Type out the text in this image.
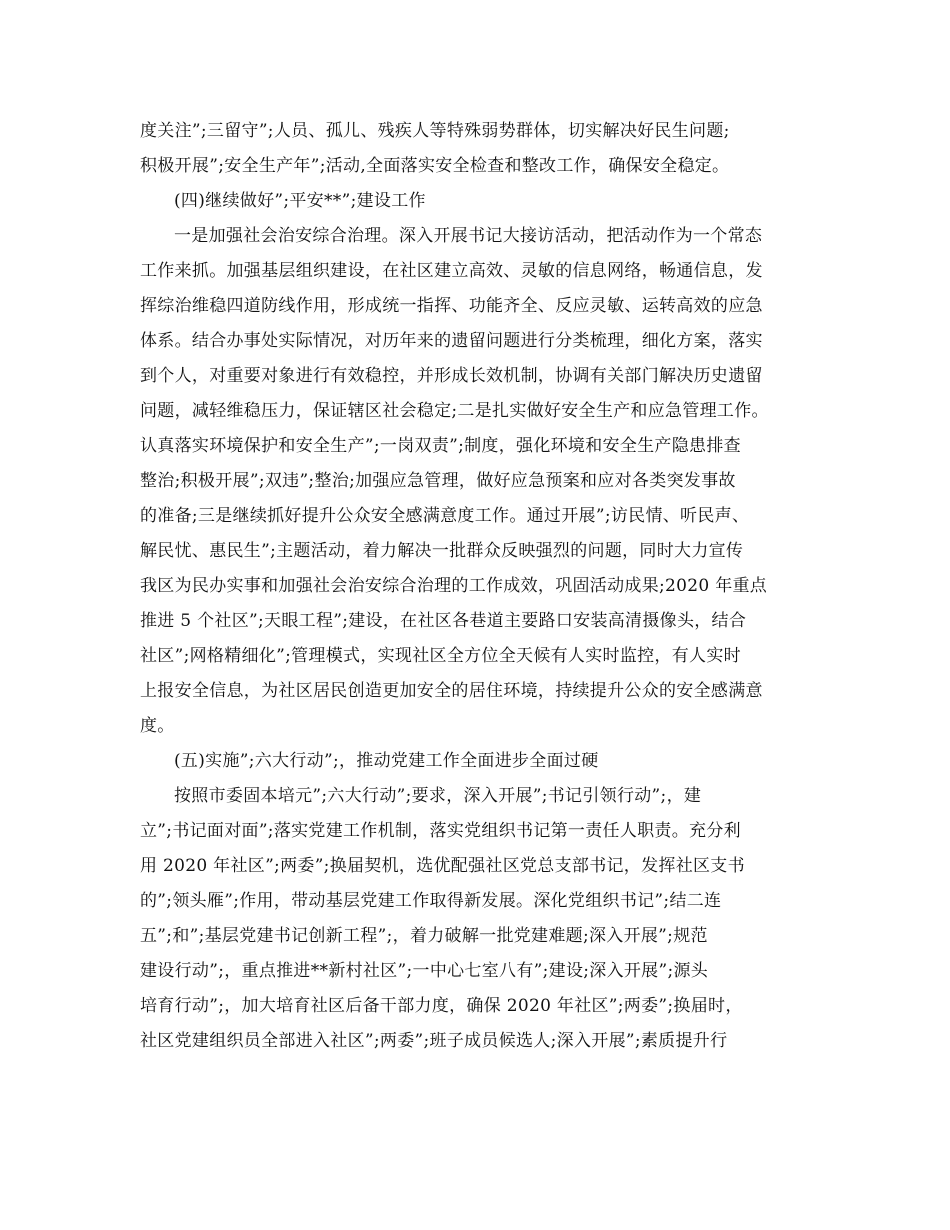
度关注”;三留守”;人员、孤儿、残疾人等特殊弱势群体，切实解决好民生问题;
积极开展”;安全生产年”;活动,全面落实安全检查和整改工作，确保安全稳定。
(四)继续做好”;平安**”;建设工作
一是加强社会治安综合治理。深入开展书记大接访活动，把活动作为一个常态
工作来抓。加强基层组织建设，在社区建立高效、灵敏的信息网络，畅通信息，发
挥综治维稳四道防线作用，形成统一指挥、功能齐全、反应灵敏、运转高效的应急
体系。结合办事处实际情况，对历年来的遗留问题进行分类梳理，细化方案，落实
到个人，对重要对象进行有效稳控，并形成长效机制，协调有关部门解决历史遗留
问题，减轻维稳压力，保证辖区社会稳定;二是扎实做好安全生产和应急管理工作。
认真落实环境保护和安全生产”;一岗双责”;制度，强化环境和安全生产隐患排查
整治;积极开展”;双违”;整治;加强应急管理，做好应急预案和应对各类突发事故
的准备;三是继续抓好提升公众安全感满意度工作。通过开展”;访民情、听民声、
解民忧、惠民生”;主题活动，着力解决一批群众反映强烈的问题，同时大力宣传
我区为民办实事和加强社会治安综合治理的工作成效，巩固活动成果;2020 年重点
推进 5 个社区”;天眼工程”;建设，在社区各巷道主要路口安装高清摄像头，结合
社区”;网格精细化”;管理模式，实现社区全方位全天候有人实时监控，有人实时
上报安全信息，为社区居民创造更加安全的居住环境，持续提升公众的安全感满意
度。
(五)实施”;六大行动”;，推动党建工作全面进步全面过硬
按照市委固本培元”;六大行动”;要求，深入开展”;书记引领行动”;，建
立”;书记面对面”;落实党建工作机制，落实党组织书记第一责任人职责。充分利
用 2020 年社区”;两委”;换届契机，选优配强社区党总支部书记，发挥社区支书
的”;领头雁”;作用，带动基层党建工作取得新发展。深化党组织书记”;结二连
五”;和”;基层党建书记创新工程”;，着力破解一批党建难题;深入开展”;规范
建设行动”;，重点推进**新村社区”;一中心七室八有”;建设;深入开展”;源头
培育行动”;，加大培育社区后备干部力度，确保 2020 年社区”;两委”;换届时，
社区党建组织员全部进入社区”;两委”;班子成员候选人;深入开展”;素质提升行
